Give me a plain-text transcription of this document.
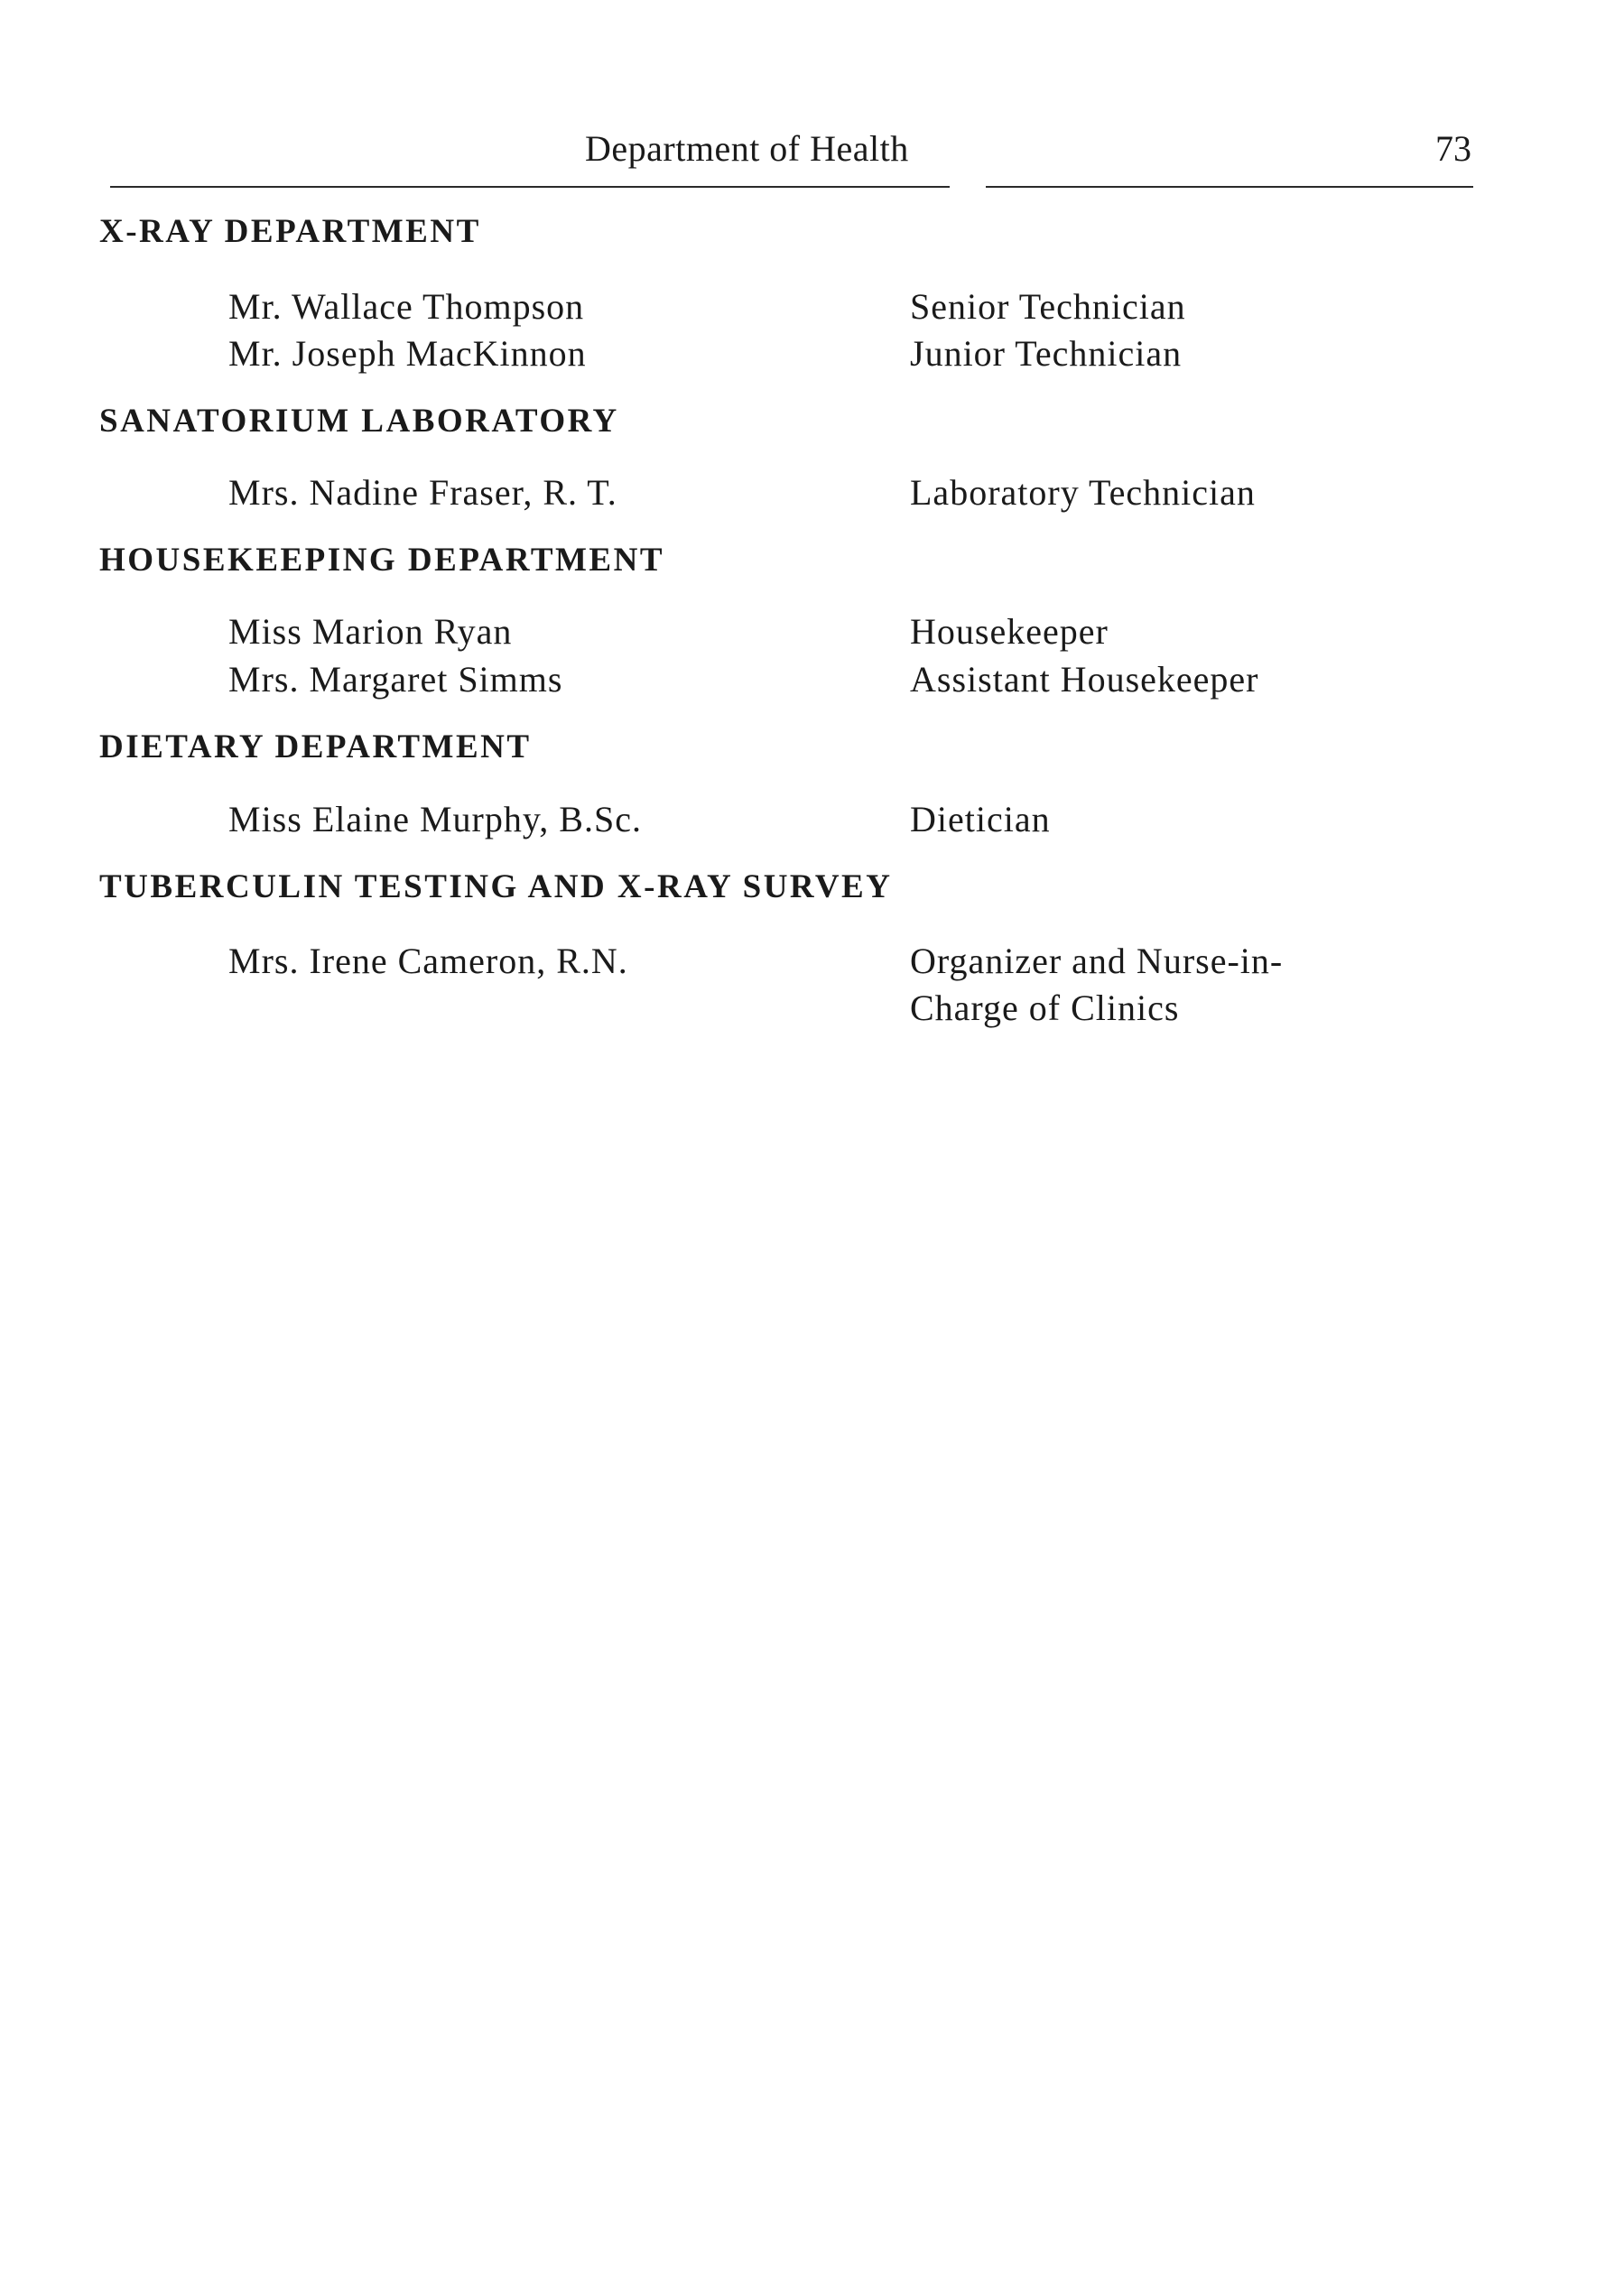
Department of Health	73
X-RAY DEPARTMENT
Mr. Wallace Thompson	Senior Technician
Mr. Joseph MacKinnon	Junior Technician
SANATORIUM LABORATORY
Mrs. Nadine Fraser, R. T.	Laboratory Technician
HOUSEKEEPING DEPARTMENT
Miss Marion Ryan	Housekeeper
Mrs. Margaret Simms	Assistant Housekeeper
DIETARY DEPARTMENT
Miss Elaine Murphy, B.Sc.	Dietician
TUBERCULIN TESTING AND X-RAY SURVEY
Mrs. Irene Cameron, R.N.	Organizer and Nurse-in-
Charge of Clinics
